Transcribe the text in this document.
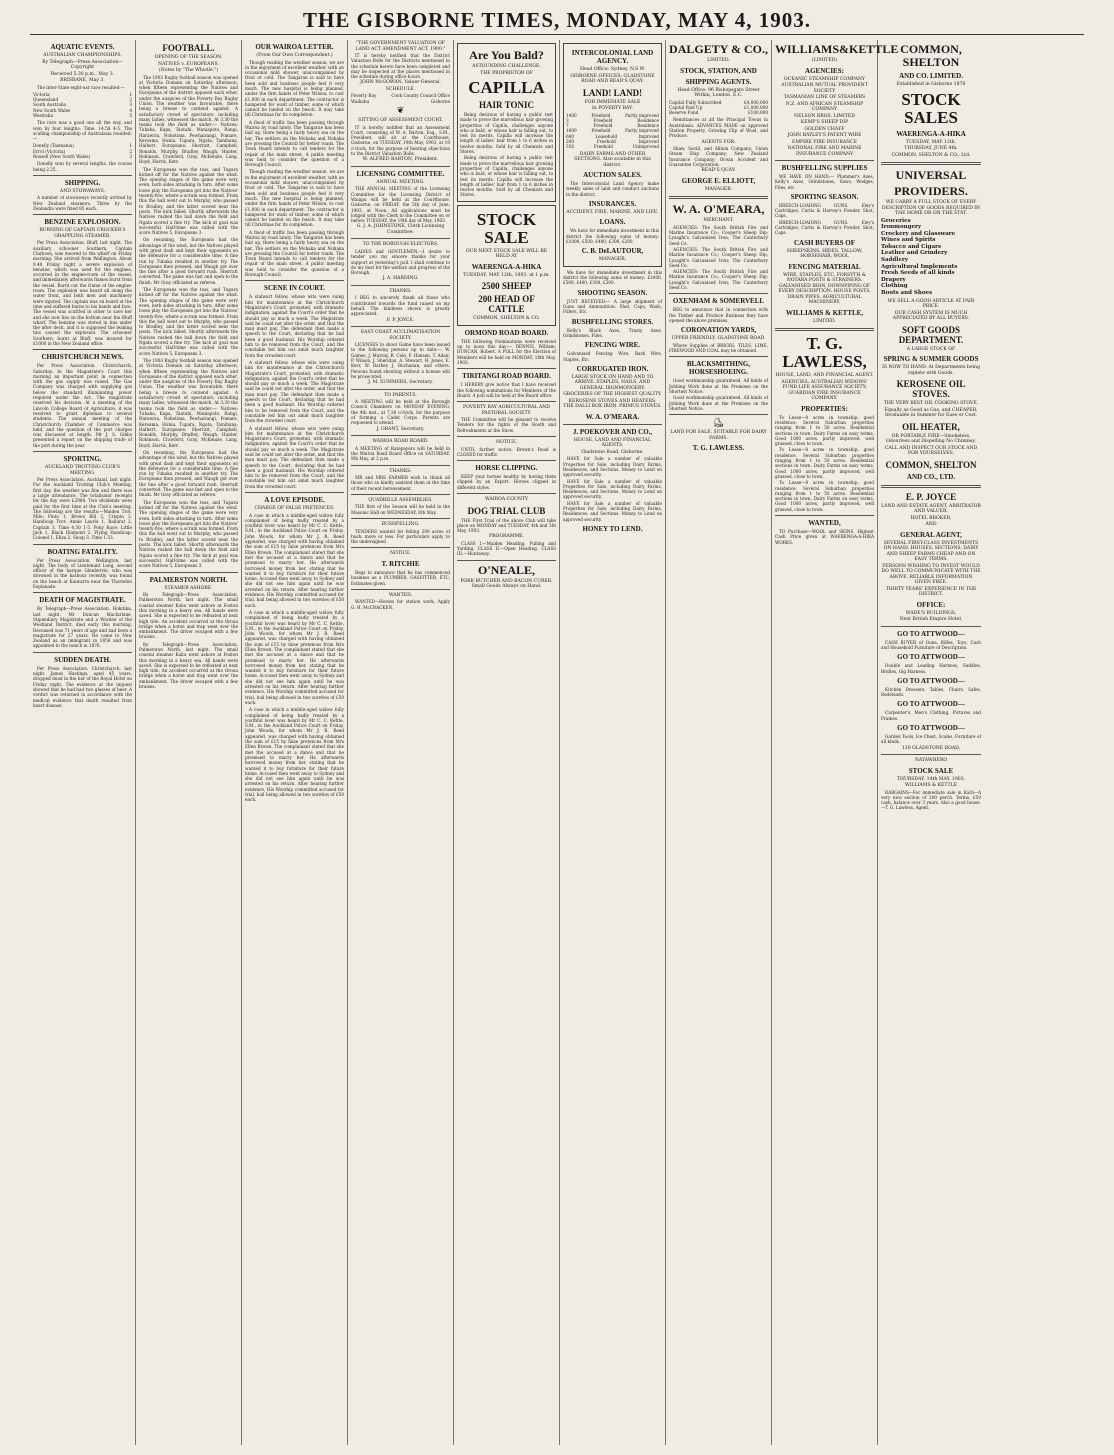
THE GISBORNE TIMES, MONDAY, MAY 4, 1903.
AQUATIC EVENTS.
AUSTRALIAN CHAMPIONSHIPS.
By Telegraph—Press Association—Copyright
Received 5.30 p.m., May 3.
BRISBANE, May 3.
The inter-State eight-oar race resulted:—
Victoria	1
Queensland	2
South Australia	3
New South Wales	4
Westralia	5
The race was a good one all the way, and won by four lengths. Time, 14.58 4-5. The sculling championship of Australasia resulted:—
Donelly (Tasmania)	1
Errol (Victoria)	2
Russell (New South Wales)	3
Donelly won by several lengths, the course being 2.25.
SHIPPING.
AND STOWAWAYS.
A number of stowaways recently arrived by New Zealand steamers. Three by the Zealandia were fined 85 each.
BENZINE EXPLOSION.
BURNING OF CAPTAIN CROCKER'S GRAPPLING STEAMER.
Per Press Association. Bluff, last night. The auxiliary schooner Southern, Captain Clarkson, was moored to the wharf on Friday morning. She arrived from Wellington. About 9.40 Friday night a severe explosion of benzine, which was used for the engines, occurred in the engine-room of the vessel, and immediately afterwards flames burst from the vessel. Burnt out the frame of the engine-room. The explosion was heard all along the water front, and both men and machinery were injured. The captain was on board at the time and suffered burns to his hands and face. The vessel was scuttled in order to save her and she now lies on the bottom near the Bluff wharf. The benzine was stored in tins under the after deck, and it is supposed the leaking tins caused the explosion. The schooner Southern, burnt at Bluff, was insured for £1000 in the New Zealand office.
CHRISTCHURCH NEWS.
Per Press Association. Christchurch, Saturday. In the Magistrate's Court this morning an important point in connection with the gas supply was raised. The Gas Company was charged with supplying gas below the standard illuminating power required under the Act. The magistrate reserved his decision. At a meeting of the Lincoln College Board of Agriculture, it was resolved to grant diplomas to several students. The annual meeting of the Christchurch Chamber of Commerce was held, and the question of the port charges was discussed at length. Mr J. S. Gibbs presented a report on the shipping trade of the port during the year.
SPORTING.
AUCKLAND TROTTING CLUB'S MEETING.
Per Press Association. Auckland, last night. For the Auckland Trotting Club's Meeting, first day, the weather was fine and there was a large attendance. The totalisator receipts for the day were £2988. Two dividends were paid for the first time at the Club's meeting. The following are the results:—Maiden Trot, Mile: Pinto 1, Brown Bill 2, Crispin 3. Handicap Trot: Annie Laurie 1, Ballarat 2, Captain 3. Time 4.30 1-5. Pony Race: Little Jack 1, Black Diamond 2. Flying Handicap: Colonel 1, Eliza 2, Sloop 3. Time 1.53.
BOATING FATALITY.
Per Press Association. Wellington, last night. The body of Lieutenant Long, second officer of the barque Glenbervie, who was drowned in the harbour recently, was found on the beach at Kaiwarra near the Thorndon Esplanade.
DEATH OF MAGISTRATE.
By Telegraph—Press Association. Hokitika, last night. Mr Duncan Macfarlane, Stipendiary Magistrate and a Warden of the Westland District, died early this morning. Deceased was 71 years of age and had been a magistrate for 27 years. He came to New Zealand as an immigrant in 1858 and was appointed to the bench in 1876.
SUDDEN DEATH.
Per Press Association. Christchurch, last night. James Hastings, aged 45 years, dropped dead in the bar of the Royal Hotel on Friday night. The evidence at the inquest showed that he had had two glasses of beer. A verdict was returned in accordance with the medical evidence that death resulted from heart disease.
FOOTBALL.
OPENING OF THE SEASON.
NATIVES v. EUROPEANS.
(Notes by "The Whistle.")
The 1903 Rugby football season was opened at Victoria Domain on Saturday afternoon, when fifteen representing the Natives and Europeans of the district opposed each other, under the auspices of the Poverty Bay Rugby Union. The weather was favourable, there being a breeze to contend against. A satisfactory crowd of spectators, including many ladies, witnessed the match. At 3.30 the teams took the field as under:— Natives: Tuhaka, Kapa, Tautahi, Maniapoto, Rangi, Harawira, Nohotima, Pewhairangi, Pomare, Kereama, Hunia, Tupara, Ngata, Tamihana, Halbert. Europeans: Sherratt, Campbell, Ronalds, Murphy, Bradley, Waugh, Hunter, Robinson, Crawford, Gray, McKenzie, Lang, Boyd, Harris, Kerr.
The Europeans won the toss, and Tupara kicked off for the Natives against the wind. The opening stages of the game were very even, both sides attacking in turn. After some loose play the Europeans got into the Natives' twenty-five, where a scrum was formed. From this the ball went out to Murphy, who passed to Bradley, and the latter scored near the posts. The kick failed. Shortly afterwards the Natives rushed the ball down the field and Ngata scored a fine try. The kick at goal was successful. Half-time was called with the score Natives 5, Europeans 3.
On resuming, the Europeans had the advantage of the wind, but the Natives played with great dash and kept their opponents on the defensive for a considerable time. A fine run by Tuhaka resulted in another try. The Europeans then pressed, and Waugh got over the line after a good forward rush. Sherratt converted. The game was fast and open to the finish. Mr Gray officiated as referee.
The Europeans won the toss, and Tupara kicked off for the Natives against the wind. The opening stages of the game were very even, both sides attacking in turn. After some loose play the Europeans got into the Natives' twenty-five, where a scrum was formed. From this the ball went out to Murphy, who passed to Bradley, and the latter scored near the posts. The kick failed. Shortly afterwards the Natives rushed the ball down the field and Ngata scored a fine try. The kick at goal was successful. Half-time was called with the score Natives 5, Europeans 3.
The 1903 Rugby football season was opened at Victoria Domain on Saturday afternoon, when fifteen representing the Natives and Europeans of the district opposed each other, under the auspices of the Poverty Bay Rugby Union. The weather was favourable, there being a breeze to contend against. A satisfactory crowd of spectators, including many ladies, witnessed the match. At 3.30 the teams took the field as under:— Natives: Tuhaka, Kapa, Tautahi, Maniapoto, Rangi, Harawira, Nohotima, Pewhairangi, Pomare, Kereama, Hunia, Tupara, Ngata, Tamihana, Halbert. Europeans: Sherratt, Campbell, Ronalds, Murphy, Bradley, Waugh, Hunter, Robinson, Crawford, Gray, McKenzie, Lang, Boyd, Harris, Kerr.
On resuming, the Europeans had the advantage of the wind, but the Natives played with great dash and kept their opponents on the defensive for a considerable time. A fine run by Tuhaka resulted in another try. The Europeans then pressed, and Waugh got over the line after a good forward rush. Sherratt converted. The game was fast and open to the finish. Mr Gray officiated as referee.
The Europeans won the toss, and Tupara kicked off for the Natives against the wind. The opening stages of the game were very even, both sides attacking in turn. After some loose play the Europeans got into the Natives' twenty-five, where a scrum was formed. From this the ball went out to Murphy, who passed to Bradley, and the latter scored near the posts. The kick failed. Shortly afterwards the Natives rushed the ball down the field and Ngata scored a fine try. The kick at goal was successful. Half-time was called with the score Natives 5, Europeans 3.
PALMERSTON NORTH.
STEAMER ASHORE.
By Telegraph—Press Association. Palmerston North, last night. The small coastal steamer Kahu went ashore at Foxton this morning in a heavy sea. All hands were saved. She is expected to be refloated at next high tide. An accident occurred at the Oroua bridge when a horse and trap went over the embankment. The driver escaped with a few bruises.
By Telegraph—Press Association. Palmerston North, last night. The small coastal steamer Kahu went ashore at Foxton this morning in a heavy sea. All hands were saved. She is expected to be refloated at next high tide. An accident occurred at the Oroua bridge when a horse and trap went over the embankment. The driver escaped with a few bruises.
OUR WAIROA LETTER.
(From Our Own Correspondent.)
Though reading the weather season, we are in the enjoyment of excellent weather, with an occasional mild shower, unaccompanied by frost or cold. The Tangarue is said to have been sold and business people feel it very much. The new hospital is being planned, under the firm hands of Peter Wilson, to cost £1,000 in each department. The contractor is hampered for want of timber, some of which cannot be landed on the beach. It may take till Christmas for its completion.
A flood of traffic has been passing through Wairoa by road lately. The Tangarue has been laid up, there being a fairly heavy sea on the bar. The settlers on the Mohaka and Nuhaka are pressing the Council for better roads. The Town Board intends to call tenders for the repair of the main street. A public meeting was held to consider the question of a Borough Council.
Though reading the weather season, we are in the enjoyment of excellent weather, with an occasional mild shower, unaccompanied by frost or cold. The Tangarue is said to have been sold and business people feel it very much. The new hospital is being planned, under the firm hands of Peter Wilson, to cost £1,000 in each department. The contractor is hampered for want of timber, some of which cannot be landed on the beach. It may take till Christmas for its completion.
A flood of traffic has been passing through Wairoa by road lately. The Tangarue has been laid up, there being a fairly heavy sea on the bar. The settlers on the Mohaka and Nuhaka are pressing the Council for better roads. The Town Board intends to call tenders for the repair of the main street. A public meeting was held to consider the question of a Borough Council.
SCENE IN COURT.
A stalwart fellow, whose wits were suing him for maintenance at the Christchurch Magistrate's Court, protested, with dramatic indignation, against the Court's order that he should pay so much a week. The Magistrate said he could not alter the order, and that the man must pay. The defendant then made a speech to the Court, declaring that he had been a good husband. His Worship ordered him to be removed from the Court, and the constable led him out amid much laughter from the crowded court.
A stalwart fellow, whose wits were suing him for maintenance at the Christchurch Magistrate's Court, protested, with dramatic indignation, against the Court's order that he should pay so much a week. The Magistrate said he could not alter the order, and that the man must pay. The defendant then made a speech to the Court, declaring that he had been a good husband. His Worship ordered him to be removed from the Court, and the constable led him out amid much laughter from the crowded court.
A stalwart fellow, whose wits were suing him for maintenance at the Christchurch Magistrate's Court, protested, with dramatic indignation, against the Court's order that he should pay so much a week. The Magistrate said he could not alter the order, and that the man must pay. The defendant then made a speech to the Court, declaring that he had been a good husband. His Worship ordered him to be removed from the Court, and the constable led him out amid much laughter from the crowded court.
A LOVE EPISODE.
CHARGE OF FALSE PRETENCES.
A case in which a middle-aged widow fully complained of being badly treated by a youthful lover was heard by Mr C. C. Kettle, S.M., in the Auckland Police Court on Friday. John Woods, for whom Mr J. R. Reed appeared, was charged with having obtained the sum of £15 by false pretences from Mrs Ellen Brown. The complainant stated that she met the accused at a dance and that he promised to marry her. He afterwards borrowed money from her, stating that he wanted it to buy furniture for their future home. Accused then went away to Sydney and she did not see him again until he was arrested on his return. After hearing further evidence, His Worship committed accused for trial, bail being allowed in two sureties of £50 each.
A case in which a middle-aged widow fully complained of being badly treated by a youthful lover was heard by Mr C. C. Kettle, S.M., in the Auckland Police Court on Friday. John Woods, for whom Mr J. R. Reed appeared, was charged with having obtained the sum of £15 by false pretences from Mrs Ellen Brown. The complainant stated that she met the accused at a dance and that he promised to marry her. He afterwards borrowed money from her, stating that he wanted it to buy furniture for their future home. Accused then went away to Sydney and she did not see him again until he was arrested on his return. After hearing further evidence, His Worship committed accused for trial, bail being allowed in two sureties of £50 each.
A case in which a middle-aged widow fully complained of being badly treated by a youthful lover was heard by Mr C. C. Kettle, S.M., in the Auckland Police Court on Friday. John Woods, for whom Mr J. R. Reed appeared, was charged with having obtained the sum of £15 by false pretences from Mrs Ellen Brown. The complainant stated that she met the accused at a dance and that he promised to marry her. He afterwards borrowed money from her, stating that he wanted it to buy furniture for their future home. Accused then went away to Sydney and she did not see him again until he was arrested on his return. After hearing further evidence, His Worship committed accused for trial, bail being allowed in two sureties of £50 each.
"THE GOVERNMENT VALUATION OF LAND ACT AMENDMENT ACT, 1900."
IT is hereby notified that the District Valuation Rolls for the Districts mentioned in the schedule hereto have been completed and may be inspected at the places mentioned in the schedule during office hours.
JOHN McGOWAN, Valuer-General.
SCHEDULE.
Poverty Bay	Cook County Council Office
Waikohu	Gisborne
❦
SITTING OF ASSESSMENT COURT.
IT is hereby notified that an Assessment Court, consisting of W. A. Barton, Esq., S.M., President, will sit at the Courthouse, Gisborne, on TUESDAY, 19th May, 1903, at 10 o'clock, for the purpose of hearing objections to the District Valuation Rolls.
W. ALFRED BARTON, President.
LICENSING COMMITTEE.
ANNUAL MEETING.
THE ANNUAL MEETING of the Licensing Committee for the Licensing District of Waiapu will be held at the Courthouse, Gisborne, on FRIDAY, the 5th day of June, 1903, at Noon. All applications must be lodged with the Clerk to the Committee on or before TUESDAY, the 19th day of May, 1903.
G. J. A. JOHNSTONE, Clerk Licensing Committee.
TO THE BOROUGH ELECTORS,
LADIES and GENTLEMEN,—I desire to tender you my sincere thanks for your support at yesterday's poll. I shall continue to do my best for the welfare and progress of the Borough.
J. A. HARDING.
THANKS.
I BEG to sincerely thank all those who contributed towards the fund raised on my behalf. The kindness shown is greatly appreciated.
F. P. JOYCE.
EAST COAST ACCLIMATISATION SOCIETY.
LICENSES to shoot Game have been issued to the following persons up to date:— W. Gaines, J. Murray, R. Cole, F. Hansen, T. Adair, P. Wilson, J. Sheridan, A. Stewart, H. Jones, E. Kerr, W. Barker, J. Buchanan, and others. Persons found shooting without a license will be prosecuted.
J. M. SUMMERS, Secretary.
TO PARENTS.
A MEETING will be held at the Borough Council Chambers on MONDAY EVENING, the 4th inst., at 7.30 o'clock, for the purpose of forming a Cadet Corps. Parents are requested to attend.
J. GRANT, Secretary.
WAIROA ROAD BOARD.
A MEETING of Ratepayers will be held in the Wairoa Road Board Office on SATURDAY, 9th May, at 2 p.m.
THANKS.
MR and MRS FARMER wish to thank all those who so kindly assisted them at the time of their recent bereavement.
QUADRILLE ASSEMBLIES.
THE first of the Season will be held in the Masonic Hall on WEDNESDAY, 6th May.
BUSHFELLING.
TENDERS wanted for felling 200 acres of bush, more or less. For particulars apply to the undersigned.
NOTICE.
T. RITCHIE
Begs to announce that he has commenced business as a PLUMBER, GASFITTER, ETC. Estimates given.
WANTED.
WANTED—Horses for station work. Apply G. H. McCRACKEN.
Are You Bald?
ASTOUNDING CHALLENGE.
THE PROPRIETOR OF
CAPILLA
HAIR TONIC
Being desirous of having a public test made to prove the marvellous hair growing properties of Capilla, challenges anyone who is bald, or whose hair is falling out, to test its merits. Capilla will increase the length of ladies' hair from 1 to 6 inches in twelve months. Sold by all Chemists and Stores.
Being desirous of having a public test made to prove the marvellous hair growing properties of Capilla, challenges anyone who is bald, or whose hair is falling out, to test its merits. Capilla will increase the length of ladies' hair from 1 to 6 inches in twelve months. Sold by all Chemists and Stores.
STOCK SALE
OUR NEXT STOCK SALE WILL BE HELD AT
WAERENGA-A-HIKA
TUESDAY, MAY 12th, 1903, at 1 p.m.
2500 SHEEP
200 HEAD OF CATTLE
COMMON, SHELTON & CO.
ORMOND ROAD BOARD.
THE following Nominations were received up to noon this day:— DENNIS, William; DUNCAN, Robert. A POLL for the Election of Members will be held on MONDAY, 18th May, 1903.
TIRITANGI ROAD BOARD.
I HEREBY give notice that I have received the following nominations for Members of the Board. A poll will be held at the Board office.
POVERTY BAY AGRICULTURAL AND PASTORAL SOCIETY.
THE Committee will be pleased to receive Tenders for the rights of the Booth and Refreshments at the Show.
NOTICE.
UNTIL further notice, Brown's Road is CLOSED for traffic.
HORSE CLIPPING.
KEEP your horses healthy by having them clipped by an Expert. Horses clipped in different styles.
WAIROA COUNTY
DOG TRIAL CLUB
THE First Trial of the above Club will take place on MONDAY and TUESDAY, 4th and 5th May, 1903.
PROGRAMME.
CLASS I.—Maiden Heading, Pulling and Yarding. CLASS II.—Open Heading. CLASS III.—Huntaway.
O'NEALE,
PORK BUTCHER AND BACON CURER. Small Goods Always on Hand.
INTERCOLONIAL LAND AGENCY.
Head Office: Sydney, N.S.W.
GISBORNE OFFICES: GLADSTONE ROAD AND READ'S QUAY.
LAND! LAND!
FOR IMMEDIATE SALE
In POVERTY BAY.
1400	Freehold	Partly improved
3	Freehold	Residence
7	Freehold	Residence
1600	Freehold	Partly improved
600	Leasehold	Improved
200	Freehold	Improved
350	Freehold	Unimproved
DAIRY FARMS AND OTHER SECTIONS. Also available in this district.
AUCTION SALES.
The Intercolonial Land Agency make weekly sales of land and conduct auctions in the district.
INSURANCES.
ACCIDENT, FIRE, MARINE, AND LIFE.
LOANS.
We have for immediate investment in this district the following sums of money: £1000, £500, £400, £300, £200.
C. B. DeLAUTOUR,
MANAGER.
We have for immediate investment in this district the following sums of money: £1000, £500, £400, £300, £200.
SHOOTING SEASON.
JUST RECEIVED:— A large shipment of Guns and Ammunition. Shot, Caps, Wads, Fillers, Etc.
BUSHFELLING STORES.
Kelly's Black Axes, Trusty Axes, Grindstones, Files.
FENCING WIRE.
Galvanised Fencing Wire, Barb Wire, Staples, Etc.
CORRUGATED IRON.
LARGE STOCK ON HAND AND TO ARRIVE. STAPLES, NAILS, AND GENERAL IRONMONGERY.
GROCERIES OF THE HIGHEST QUALITY.
KEROSENE STOVES AND HEATERS. THE DALLI BOX IRON. PRIMUS STOVES.
W. A. O'MEARA.
J. POEKOVER AND CO.,
HOUSE, LAND AND FINANCIAL AGENTS,
Gladstone Road, Gisborne.
HAVE for Sale a number of valuable Properties for Sale, including Dairy Farms, Residences, and Sections. Money to Lend on approved security.
HAVE for Sale a number of valuable Properties for Sale, including Dairy Farms, Residences, and Sections. Money to Lend on approved security.
HAVE for Sale a number of valuable Properties for Sale, including Dairy Farms, Residences, and Sections. Money to Lend on approved security.
HONEY TO LEND.
DALGETY & CO.,
LIMITED.
STOCK, STATION, AND
SHIPPING AGENTS.
Head Office: 96 Bishopsgate Street Within, London, E.C.
Capital Fully Subscribed	£4,000,000
Capital Paid Up	£1,000,000
Reserve Fund	£100,000
Remittances at all the Principal Towns in Australasia. ADVANCES MADE on approved Station Property, Growing Clip of Wool, and Produce.
AGENTS FOR:
Shaw, Savill, and Albion Company; Union Steam Ship Company; New Zealand Insurance Company; Ocean Accident and Guarantee Corporation.
READ'S QUAY.
GEORGE E. ELLIOTT,
MANAGER.
W. A. O'MEARA,
MERCHANT.
AGENCIES: The South British Fire and Marine Insurance Co.; Cooper's Sheep Dip; Lysaght's Galvanised Iron; The Canterbury Seed Co.
AGENCIES: The South British Fire and Marine Insurance Co.; Cooper's Sheep Dip; Lysaght's Galvanised Iron; The Canterbury Seed Co.
AGENCIES: The South British Fire and Marine Insurance Co.; Cooper's Sheep Dip; Lysaght's Galvanised Iron; The Canterbury Seed Co.
OXENHAM & SOMERVELL
BEG to announce that in connection with the Timber and Produce Business they have opened the above premises.
CORONATION YARDS,
UPPER FRIENDLY, GLADSTONE ROAD.
Where Supplies of BRICKS, TILES, LIME, FIREWOOD AND COAL may be obtained.
BLACKSMITHING, HORSESHOEING.
Good workmanship guaranteed. All kinds of Jobbing Work done at the Premises on the Shortest Notice.
Good workmanship guaranteed. All kinds of Jobbing Work done at the Premises on the Shortest Notice.
⛸
LAND FOR SALE, SUITABLE FOR DAIRY FARMS.
T. G. LAWLESS.
WILLIAMS&KETTLE
(LIMITED)
AGENCIES:
OCEANIC STEAMSHIP COMPANY
AUSTRALIAN MUTUAL PROVIDENT SOCIETY
TASMANIAN LINE OF STEAMERS
N.Z. AND AFRICAN STEAMSHIP COMPANY
NELSON BROS. LIMITED
KEMP'S SHEEP DIP
GOLDEN CHAFF
JOHN BAYLEY'S PATENT WIRE
EMPIRE FIRE INSURANCE
NATIONAL FIRE AND MARINE INSURANCE COMPANY
BUSHFELLING SUPPLIES
WE HAVE ON HAND:— Plummer's Axes, Kelly's Axes, Grindstones, Saws, Wedges, Files, etc.
SPORTING SEASON.
BREECH-LOADING GUNS. Eley's Cartridges, Curtis & Harvey's Powder, Shot, Caps.
BREECH-LOADING GUNS. Eley's Cartridges, Curtis & Harvey's Powder, Shot, Caps.
CASH BUYERS OF
SHEEPSKINS, HIDES, TALLOW, HORSEHAIR, WOOL
FENCING MATERIAL
WIRE, STAPLES, ETC. FORSYTH & NOTARA POSTS & STRAINERS. GALVANISED IRON, DOWNPIPING OF EVERY DESCRIPTION. HOUSE POSTS, DRAIN PIPES. AGRICULTURAL MACHINERY.
WILLIAMS & KETTLE,
LIMITED.
T. G. LAWLESS,
HOUSE, LAND, AND FINANCIAL AGENT.
AGENCIES: AUSTRALIAN WIDOWS' FUND LIFE ASSURANCE SOCIETY; GUARDIAN FIRE INSURANCE COMPANY.
PROPERTIES:
To Lease—8 acres in township; good residence. Several Suburban properties ranging from 1 to 50 acres. Residential sections in town. Dairy Farms on easy terms. Good 1000 acres, partly improved, well grassed, close to town.
To Lease—8 acres in township; good residence. Several Suburban properties ranging from 1 to 50 acres. Residential sections in town. Dairy Farms on easy terms. Good 1000 acres, partly improved, well grassed, close to town.
To Lease—8 acres in township; good residence. Several Suburban properties ranging from 1 to 50 acres. Residential sections in town. Dairy Farms on easy terms. Good 1000 acres, partly improved, well grassed, close to town.
WANTED,
TO Purchase—WOOL and SKINS. Highest Cash Price given at WAERENGA-A-HIKA WORKS.
COMMON, SHELTON
AND CO. LIMITED.
Established in Gisborne 1878
STOCK SALES
WAERENGA-A-HIKA
TUESDAY, MAY 12th.
THURSDAY, JUNE 4th.
COMMON, SHELTON & CO., Ltd.
UNIVERSAL
PROVIDERS.
WE CARRY A FULL STOCK OF EVERY DESCRIPTION OF GOODS REQUIRED IN THE HOME OR ON THE STAT.
Groceries
Ironmongery
Crockery and Glassware
Wines and Spirits
Tobacco and Cigars
Leather and Grindery
Saddlery
Agricultural Implements
Fresh Seeds of all kinds
Drapery
Clothing
Boots and Shoes
WE SELL A GOOD ARTICLE AT FAIR PRICE.
OUR CASH SYSTEM IS MUCH APPRECIATED BY ALL BUYERS.
SOFT GOODS DEPARTMENT.
A LARGE STOCK OF
SPRING & SUMMER GOODS
IS NOW TO HAND. At Departments being replete with Goods.
KEROSENE OIL STOVES.
THE VERY BEST OIL COOKING STOVE.
Equally as Good as Gas, and CHEAPER. Invaluable in Summer for Ease or Cost.
OIL HEATER,
OR PORTABLE FIRE—Smokeless, Odourless and Dispelling No Chimney.
CALL AND INSPECT OUR STOCK AND FOR YOURSELVES.
COMMON, SHELTON
AND CO., LTD.
E. P. JOYCE
LAND AND ESTATE AGENT, ARBITRATOR AND VALUER,
HOTEL BROKER,
AND
GENERAL AGENT,
SEVERAL FIRST-CLASS INVESTMENTS ON HAND. HOUSES, SECTIONS, DAIRY AND SHEEP FARMS CHEAP AND ON EASY TERMS.
PERSONS WISHING TO INVEST WOULD DO WELL TO COMMUNICATE WITH THE ABOVE. RELIABLE INFORMATION GIVEN FREE.
THIRTY YEARS' EXPERIENCE IN THE DISTRICT.
OFFICE:
WADE'S BUILDINGS,
Next British Empire Hotel,
GO TO ATTWOOD—
CASH BUYER of Guns, Rifles, Toys, Cash and Household Furniture of Description.
GO TO ATTWOOD—
Double and Leading Harness, Saddles, Bridles, Gig Harness.
GO TO ATTWOOD—
Kitchen Dressers, Tables, Chairs, Safes, Bedsteads.
GO TO ATTWOOD—
Carpenter's, Men's Clothing, Pictures and Frames.
GO TO ATTWOOD—
Garden Tools, Ice Chest, Scales, Furniture of all kinds.
130 GLADSTONE ROAD.
NATAWHERO
STOCK SALE
THURSDAY, 14th MAY, 1903.
WILLIAMS & KETTLE
BARGAINS—For immediate sale in Kaiti—A very nice section of 200 perch. Terms, £50 cash, balance over 3 years. Also a good house.—T. G. Lawless, Agent.
